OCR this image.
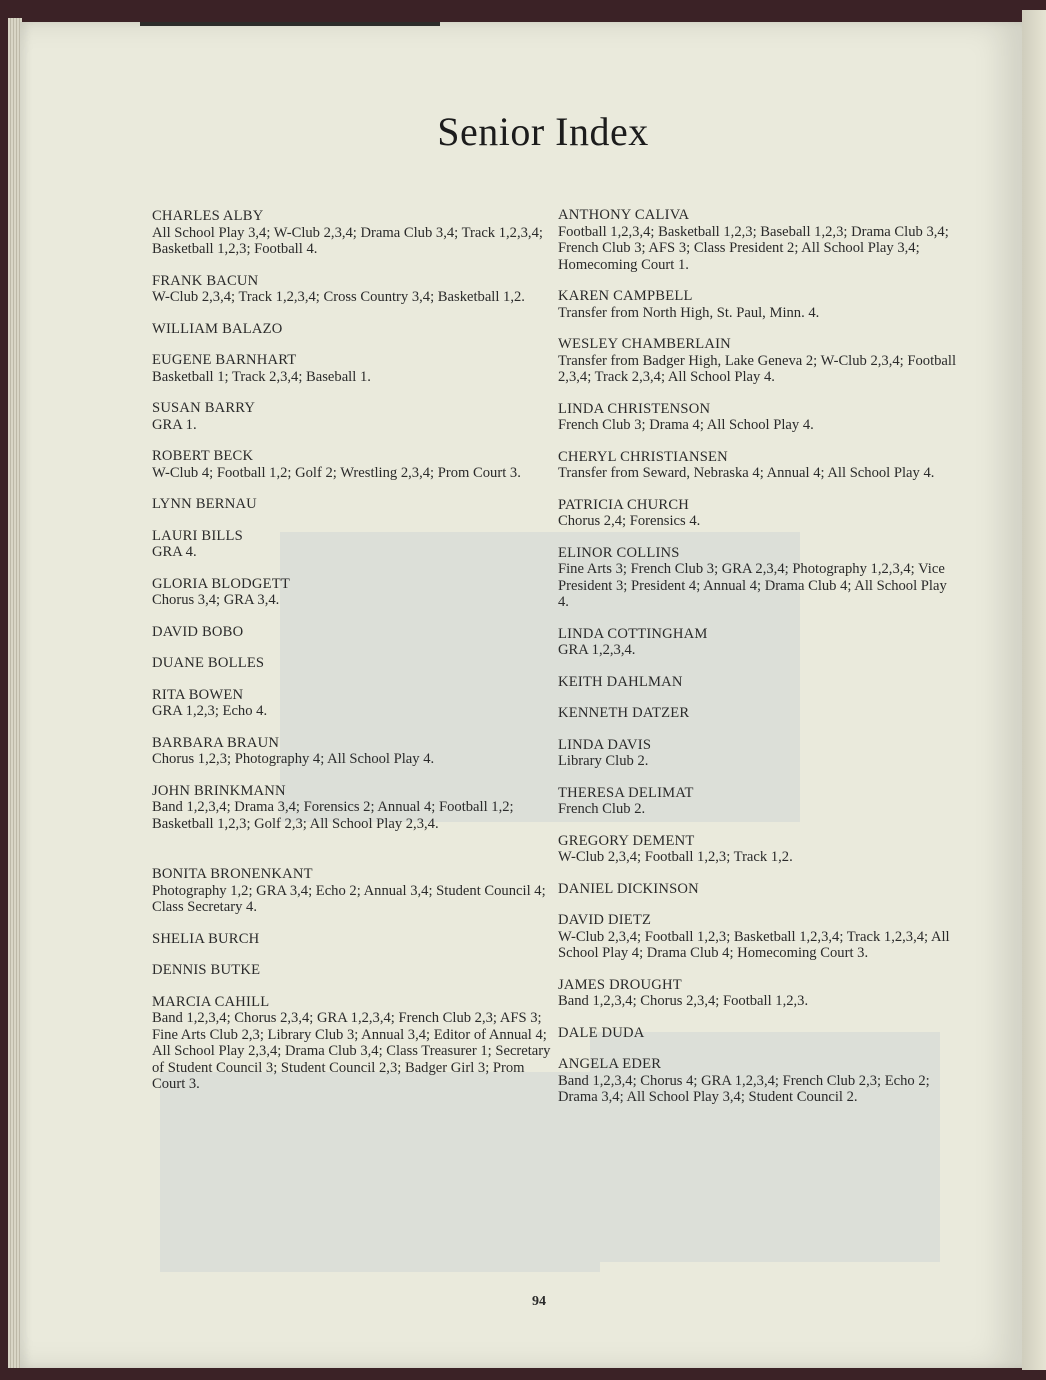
Senior Index
CHARLES ALBY
All School Play 3,4; W-Club 2,3,4; Drama Club 3,4; Track 1,2,3,4; Basketball 1,2,3; Football 4.
FRANK BACUN
W-Club 2,3,4; Track 1,2,3,4; Cross Country 3,4; Basketball 1,2.
WILLIAM BALAZO
EUGENE BARNHART
Basketball 1; Track 2,3,4; Baseball 1.
SUSAN BARRY
GRA 1.
ROBERT BECK
W-Club 4; Football 1,2; Golf 2; Wrestling 2,3,4; Prom Court 3.
LYNN BERNAU
LAURI BILLS
GRA 4.
GLORIA BLODGETT
Chorus 3,4; GRA 3,4.
DAVID BOBO
DUANE BOLLES
RITA BOWEN
GRA 1,2,3; Echo 4.
BARBARA BRAUN
Chorus 1,2,3; Photography 4; All School Play 4.
JOHN BRINKMANN
Band 1,2,3,4; Drama 3,4; Forensics 2; Annual 4; Football 1,2; Basketball 1,2,3; Golf 2,3; All School Play 2,3,4.
BONITA BRONENKANT
Photography 1,2; GRA 3,4; Echo 2; Annual 3,4; Student Council 4; Class Secretary 4.
SHELIA BURCH
DENNIS BUTKE
MARCIA CAHILL
Band 1,2,3,4; Chorus 2,3,4; GRA 1,2,3,4; French Club 2,3; AFS 3; Fine Arts Club 2,3; Library Club 3; Annual 3,4; Editor of Annual 4; All School Play 2,3,4; Drama Club 3,4; Class Treasurer 1; Secretary of Student Council 3; Student Council 2,3; Badger Girl 3; Prom Court 3.
ANTHONY CALIVA
Football 1,2,3,4; Basketball 1,2,3; Baseball 1,2,3; Drama Club 3,4; French Club 3; AFS 3; Class President 2; All School Play 3,4; Homecoming Court 1.
KAREN CAMPBELL
Transfer from North High, St. Paul, Minn. 4.
WESLEY CHAMBERLAIN
Transfer from Badger High, Lake Geneva 2; W-Club 2,3,4; Football 2,3,4; Track 2,3,4; All School Play 4.
LINDA CHRISTENSON
French Club 3; Drama 4; All School Play 4.
CHERYL CHRISTIANSEN
Transfer from Seward, Nebraska 4; Annual 4; All School Play 4.
PATRICIA CHURCH
Chorus 2,4; Forensics 4.
ELINOR COLLINS
Fine Arts 3; French Club 3; GRA 2,3,4; Photography 1,2,3,4; Vice President 3; President 4; Annual 4; Drama Club 4; All School Play 4.
LINDA COTTINGHAM
GRA 1,2,3,4.
KEITH DAHLMAN
KENNETH DATZER
LINDA DAVIS
Library Club 2.
THERESA DELIMAT
French Club 2.
GREGORY DEMENT
W-Club 2,3,4; Football 1,2,3; Track 1,2.
DANIEL DICKINSON
DAVID DIETZ
W-Club 2,3,4; Football 1,2,3; Basketball 1,2,3,4; Track 1,2,3,4; All School Play 4; Drama Club 4; Homecoming Court 3.
JAMES DROUGHT
Band 1,2,3,4; Chorus 2,3,4; Football 1,2,3.
DALE DUDA
ANGELA EDER
Band 1,2,3,4; Chorus 4; GRA 1,2,3,4; French Club 2,3; Echo 2; Drama 3,4; All School Play 3,4; Student Council 2.
94
